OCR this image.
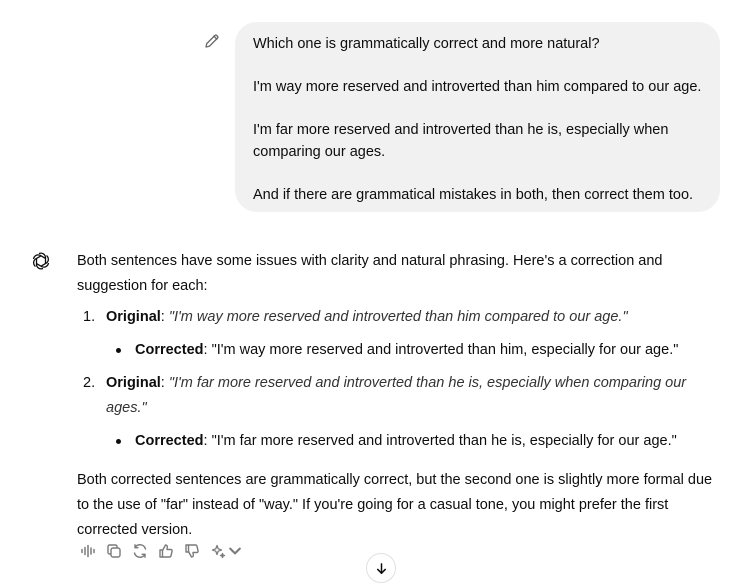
Which one is grammatically correct and more natural?

I'm way more reserved and introverted than him compared to our age.

I'm far more reserved and introverted than he is, especially when comparing our ages.

And if there are grammatical mistakes in both, then correct them too.

Both sentences have some issues with clarity and natural phrasing. Here's a correction and suggestion for each:

1. Original: "I'm way more reserved and introverted than him compared to our age."
Corrected: "I'm way more reserved and introverted than him, especially for our age."
2. Original: "I'm far more reserved and introverted than he is, especially when comparing our ages."
Corrected: "I'm far more reserved and introverted than he is, especially for our age."

Both corrected sentences are grammatically correct, but the second one is slightly more formal due to the use of "far" instead of "way." If you're going for a casual tone, you might prefer the first corrected version.
